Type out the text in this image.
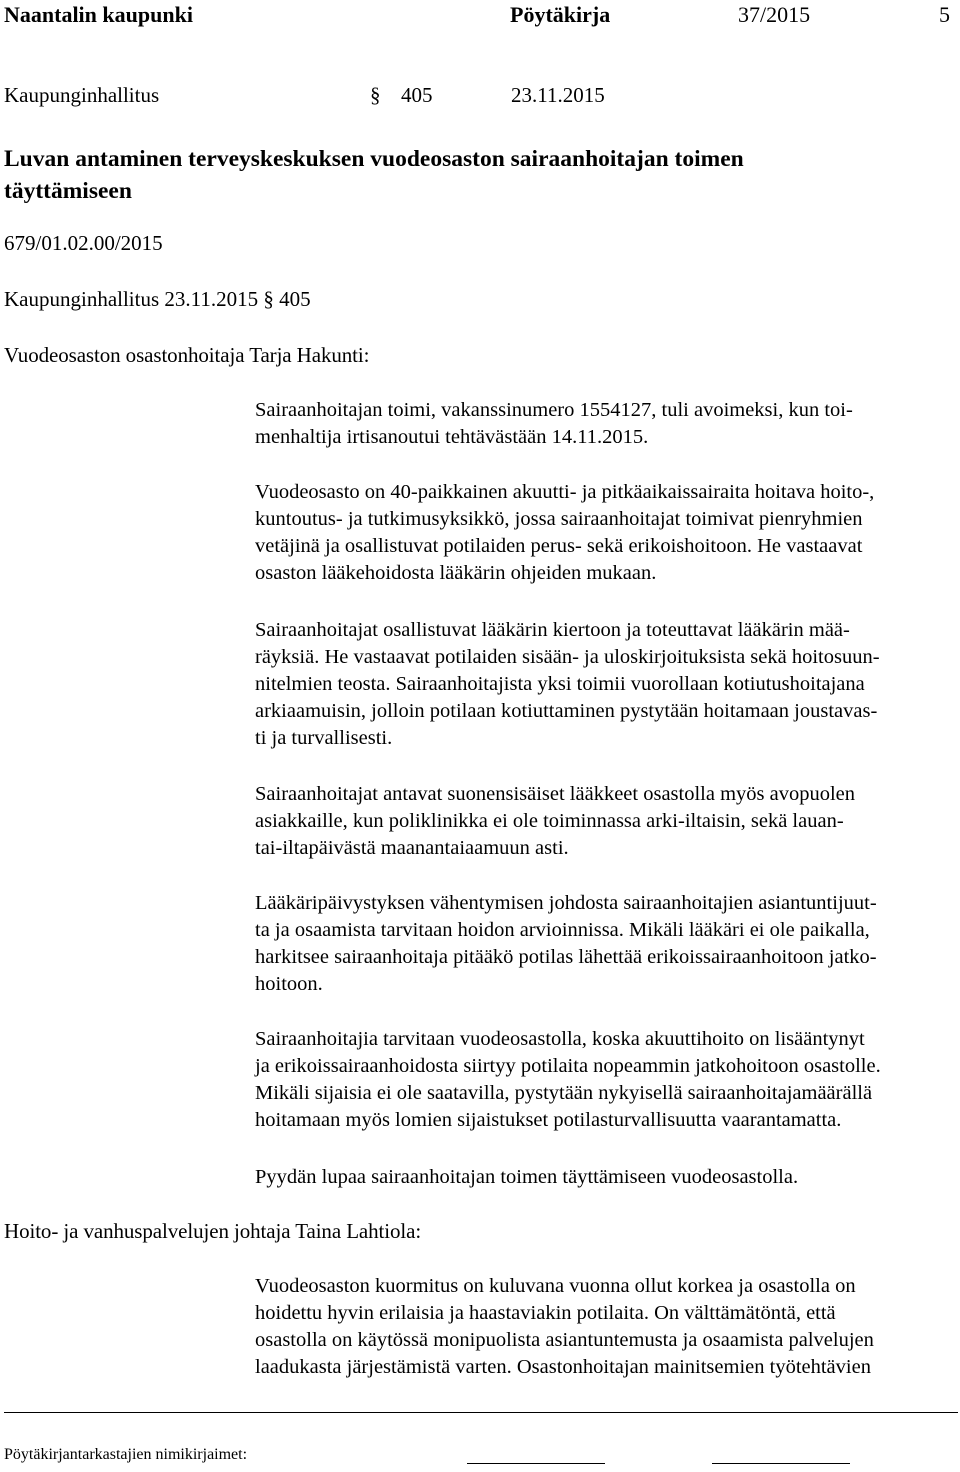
Naantalin kaupunki	Pöytäkirja	37/2015	5
Kaupunginhallitus	§ 405	23.11.2015
Luvan antaminen terveyskeskuksen vuodeosaston sairaanhoitajan toimen
täyttämiseen
679/01.02.00/2015
Kaupunginhallitus 23.11.2015 § 405
Vuodeosaston osastonhoitaja Tarja Hakunti:

Sairaanhoitajan toimi, vakanssinumero 1554127, tuli avoimeksi, kun toi-
menhaltija irtisanoutui tehtävästään 14.11.2015.

Vuodeosasto on 40-paikkainen akuutti- ja pitkäaikaissairaita hoitava hoito-,
kuntoutus- ja tutkimusyksikkö, jossa sairaanhoitajat toimivat pienryhmien
vetäjinä ja osallistuvat potilaiden perus- sekä erikoishoitoon. He vastaavat
osaston lääkehoidosta lääkärin ohjeiden mukaan.

Sairaanhoitajat osallistuvat lääkärin kiertoon ja toteuttavat lääkärin mää-
räyksiä. He vastaavat potilaiden sisään- ja uloskirjoituksista sekä hoitosuun-
nitelmien teosta. Sairaanhoitajista yksi toimii vuorollaan kotiutushoitajana
arkiaamuisin, jolloin potilaan kotiuttaminen pystytään hoitamaan joustavas-
ti ja turvallisesti.

Sairaanhoitajat antavat suonensisäiset lääkkeet osastolla myös avopuolen
asiakkaille, kun poliklinikka ei ole toiminnassa arki-iltaisin, sekä lauan-
tai-iltapäivästä maanantaiaamuun asti.

Lääkäripäivystyksen vähentymisen johdosta sairaanhoitajien asiantuntijuut-
ta ja osaamista tarvitaan hoidon arvioinnissa. Mikäli lääkäri ei ole paikalla,
harkitsee sairaanhoitaja pitääkö potilas lähettää erikoissairaanhoitoon jatko-
hoitoon.

Sairaanhoitajia tarvitaan vuodeosastolla, koska akuuttihoito on lisääntynyt
ja erikoissairaanhoidosta siirtyy potilaita nopeammin jatkohoitoon osastolle.
Mikäli sijaisia ei ole saatavilla, pystytään nykyisellä sairaanhoitajamäärällä
hoitamaan myös lomien sijaistukset potilasturvallisuutta vaarantamatta.

Pyydän lupaa sairaanhoitajan toimen täyttämiseen vuodeosastolla.

Hoito- ja vanhuspalvelujen johtaja Taina Lahtiola:

Vuodeosaston kuormitus on kuluvana vuonna ollut korkea ja osastolla on
hoidettu hyvin erilaisia ja haastaviakin potilaita. On välttämätöntä, että
osastolla on käytössä monipuolista asiantuntemusta ja osaamista palvelujen
laadukasta järjestämistä varten. Osastonhoitajan mainitsemien työtehtävien

Pöytäkirjantarkastajien nimikirjaimet:
